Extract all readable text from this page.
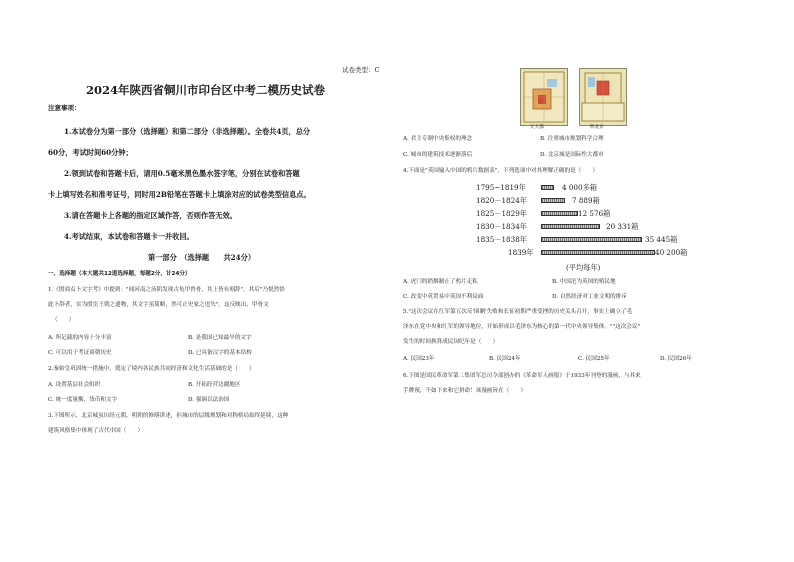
试卷类型：C
2024年陕西省铜川市印台区中考二模历史试卷
注意事项：
1.本试卷分为第一部分（选择题）和第二部分（非选择题）。全卷共4页，总分
60分，考试时间60分钟；
2.领到试卷和答题卡后，请用0.5毫米黑色墨水签字笔，分别在试卷和答题
卡上填写姓名和准考证号，同时用2B铅笔在答题卡上填涂对应的试卷类型信息点。
3.请在答题卡上各题的指定区域作答，否则作答无效。
4.考试结束，本试卷和答题卡一并收回。
第一部分　（选择题　　共24分）
一、选择题（本大题共12道选择题，每题2分，计24分）
1.《殷商贞卜文字考》中提到："闻河南之汤阴发现古龟甲兽骨，其上皆有刻辞"。其后"乃悦然悟
此卜辞者，实为殷室王朝之遗物，其文字虽简略，然可正史家之违失"。这反映出，甲骨文
（　　）
A. 所记载的内容十分丰富	B. 是我国已知最早的文字
C. 可以用于考证商朝历史	D. 已具备汉字的基本结构
2.秦始皇巩固统一措施中，奠定了境内各民族共同经济和文化生活基础的是（　　）
A. 设置基层社会组织	B. 开拓经营边疆地区
C. 统一度量衡、货币和文字	D. 强调以法治国
3.下图所示，北京城虽历经元朝、明朝的修缮讲述，但城市的层级规划和对称格局始终延续，这种
建筑风格集中体现了古代中国（　　）
元大都	明北京
A. 君主专制中央集权的理念	B. 注重城市规划科学合理
C. 城市的建筑技术逐渐落后	D. 北京城是国际性大都市
4.下面是"英国输入中国的鸦片数据表"，下列选项中对其理解正确的是（　　）
1795~1819年	4 000多箱
1820－1824年	7 889箱
1825－1829年	12 576箱
1830－1834年	20 331箱
1835－1838年	35 445箱
1839年	40 200箱
(平均每年)
A. 虎门的销烟制止了鸦片走私	B. 中国沦为英国的殖民地
C. 改变中英贸易中英国不利局面	D. 自然经济对工业文明的排斥
5."这次会议在红军第五次反'围剿'失败和长征初期严重受挫的历史关头召开，事实上确立了毛
泽东在党中央和红军的领导地位，开始形成以毛泽东为核心的第一代中央领导集体。""这次会议"
发生的时间换算成民国纪年是（　　）
A. 民国23年	B. 民国24年	C. 民国25年	D. 民国26年
6.下图是国民革命军第二集团军总司令部创办的《革命军人画报》于1933年刊登的漫画，与其来
手牌预，不如下来和它拼命！该漫画旨在（　　）
